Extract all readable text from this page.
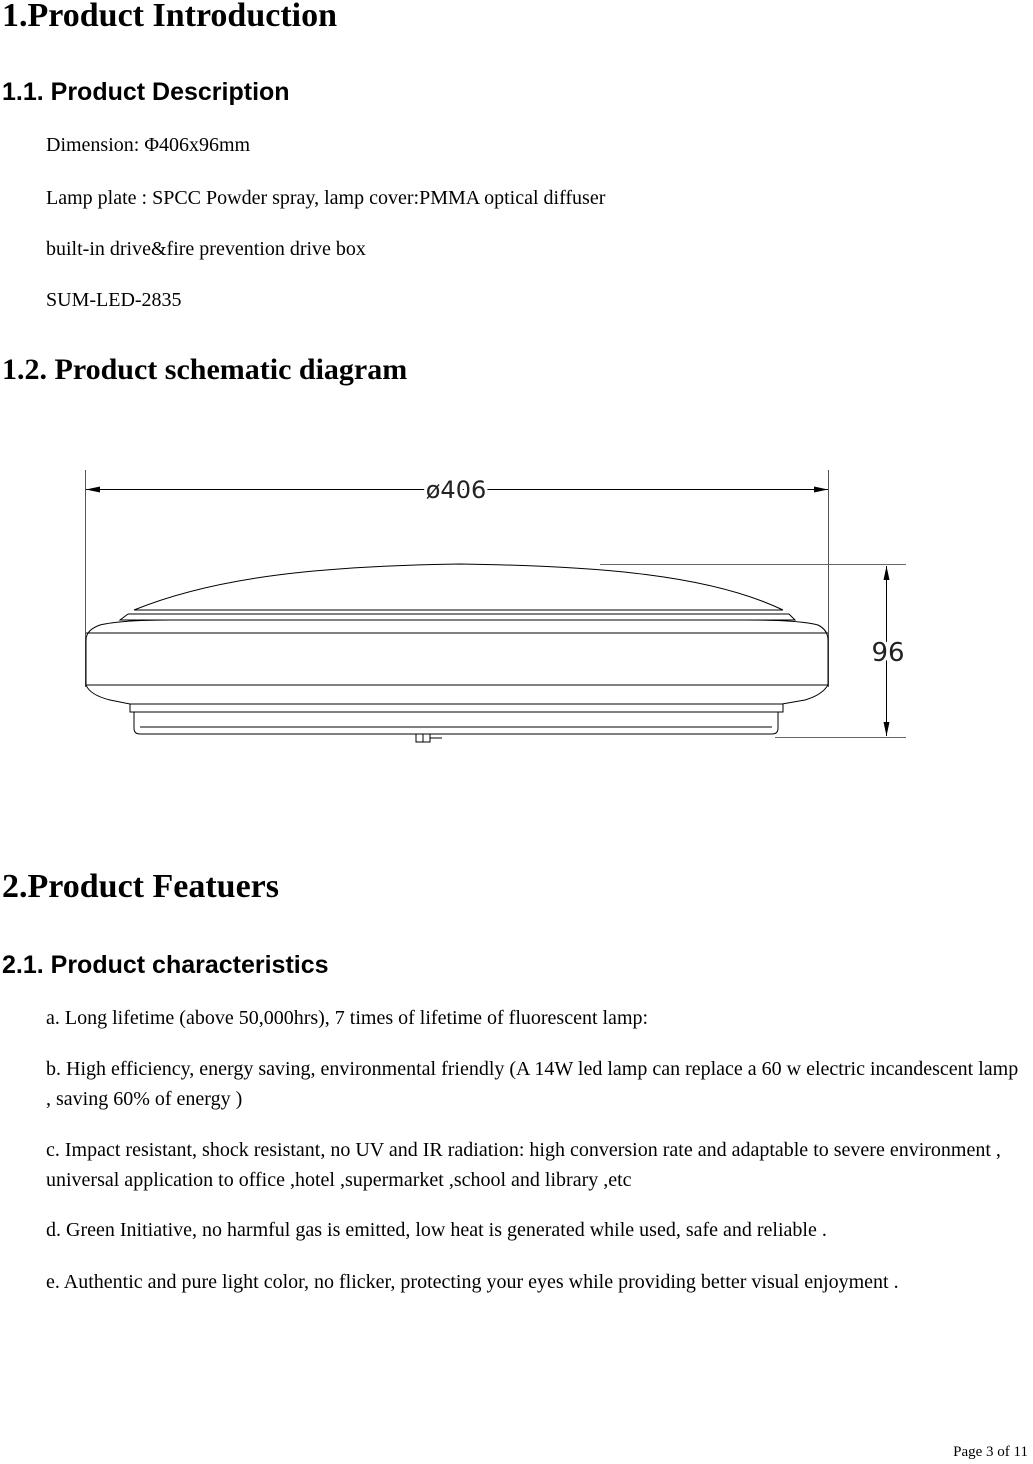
1.Product Introduction
1.1. Product Description

Dimension: Φ406x96mm

Lamp plate : SPCC Powder spray, lamp cover:PMMA optical diffuser

built-in drive&fire prevention drive box

SUM-LED-2835

1.2. Product schematic diagram
ø406
96
2.Product Featuers
2.1. Product characteristics

a. Long lifetime (above 50,000hrs), 7 times of lifetime of fluorescent lamp:

b. High efficiency, energy saving, environmental friendly (A 14W led lamp can replace a 60 w electric incandescent lamp , saving 60% of energy )

c. Impact resistant, shock resistant, no UV and IR radiation: high conversion rate and adaptable to severe environment , universal application to office ,hotel ,supermarket ,school and library ,etc

d. Green Initiative, no harmful gas is emitted, low heat is generated while used, safe and reliable .

e. Authentic and pure light color, no flicker, protecting your eyes while providing better visual enjoyment .

Page 3 of 11
